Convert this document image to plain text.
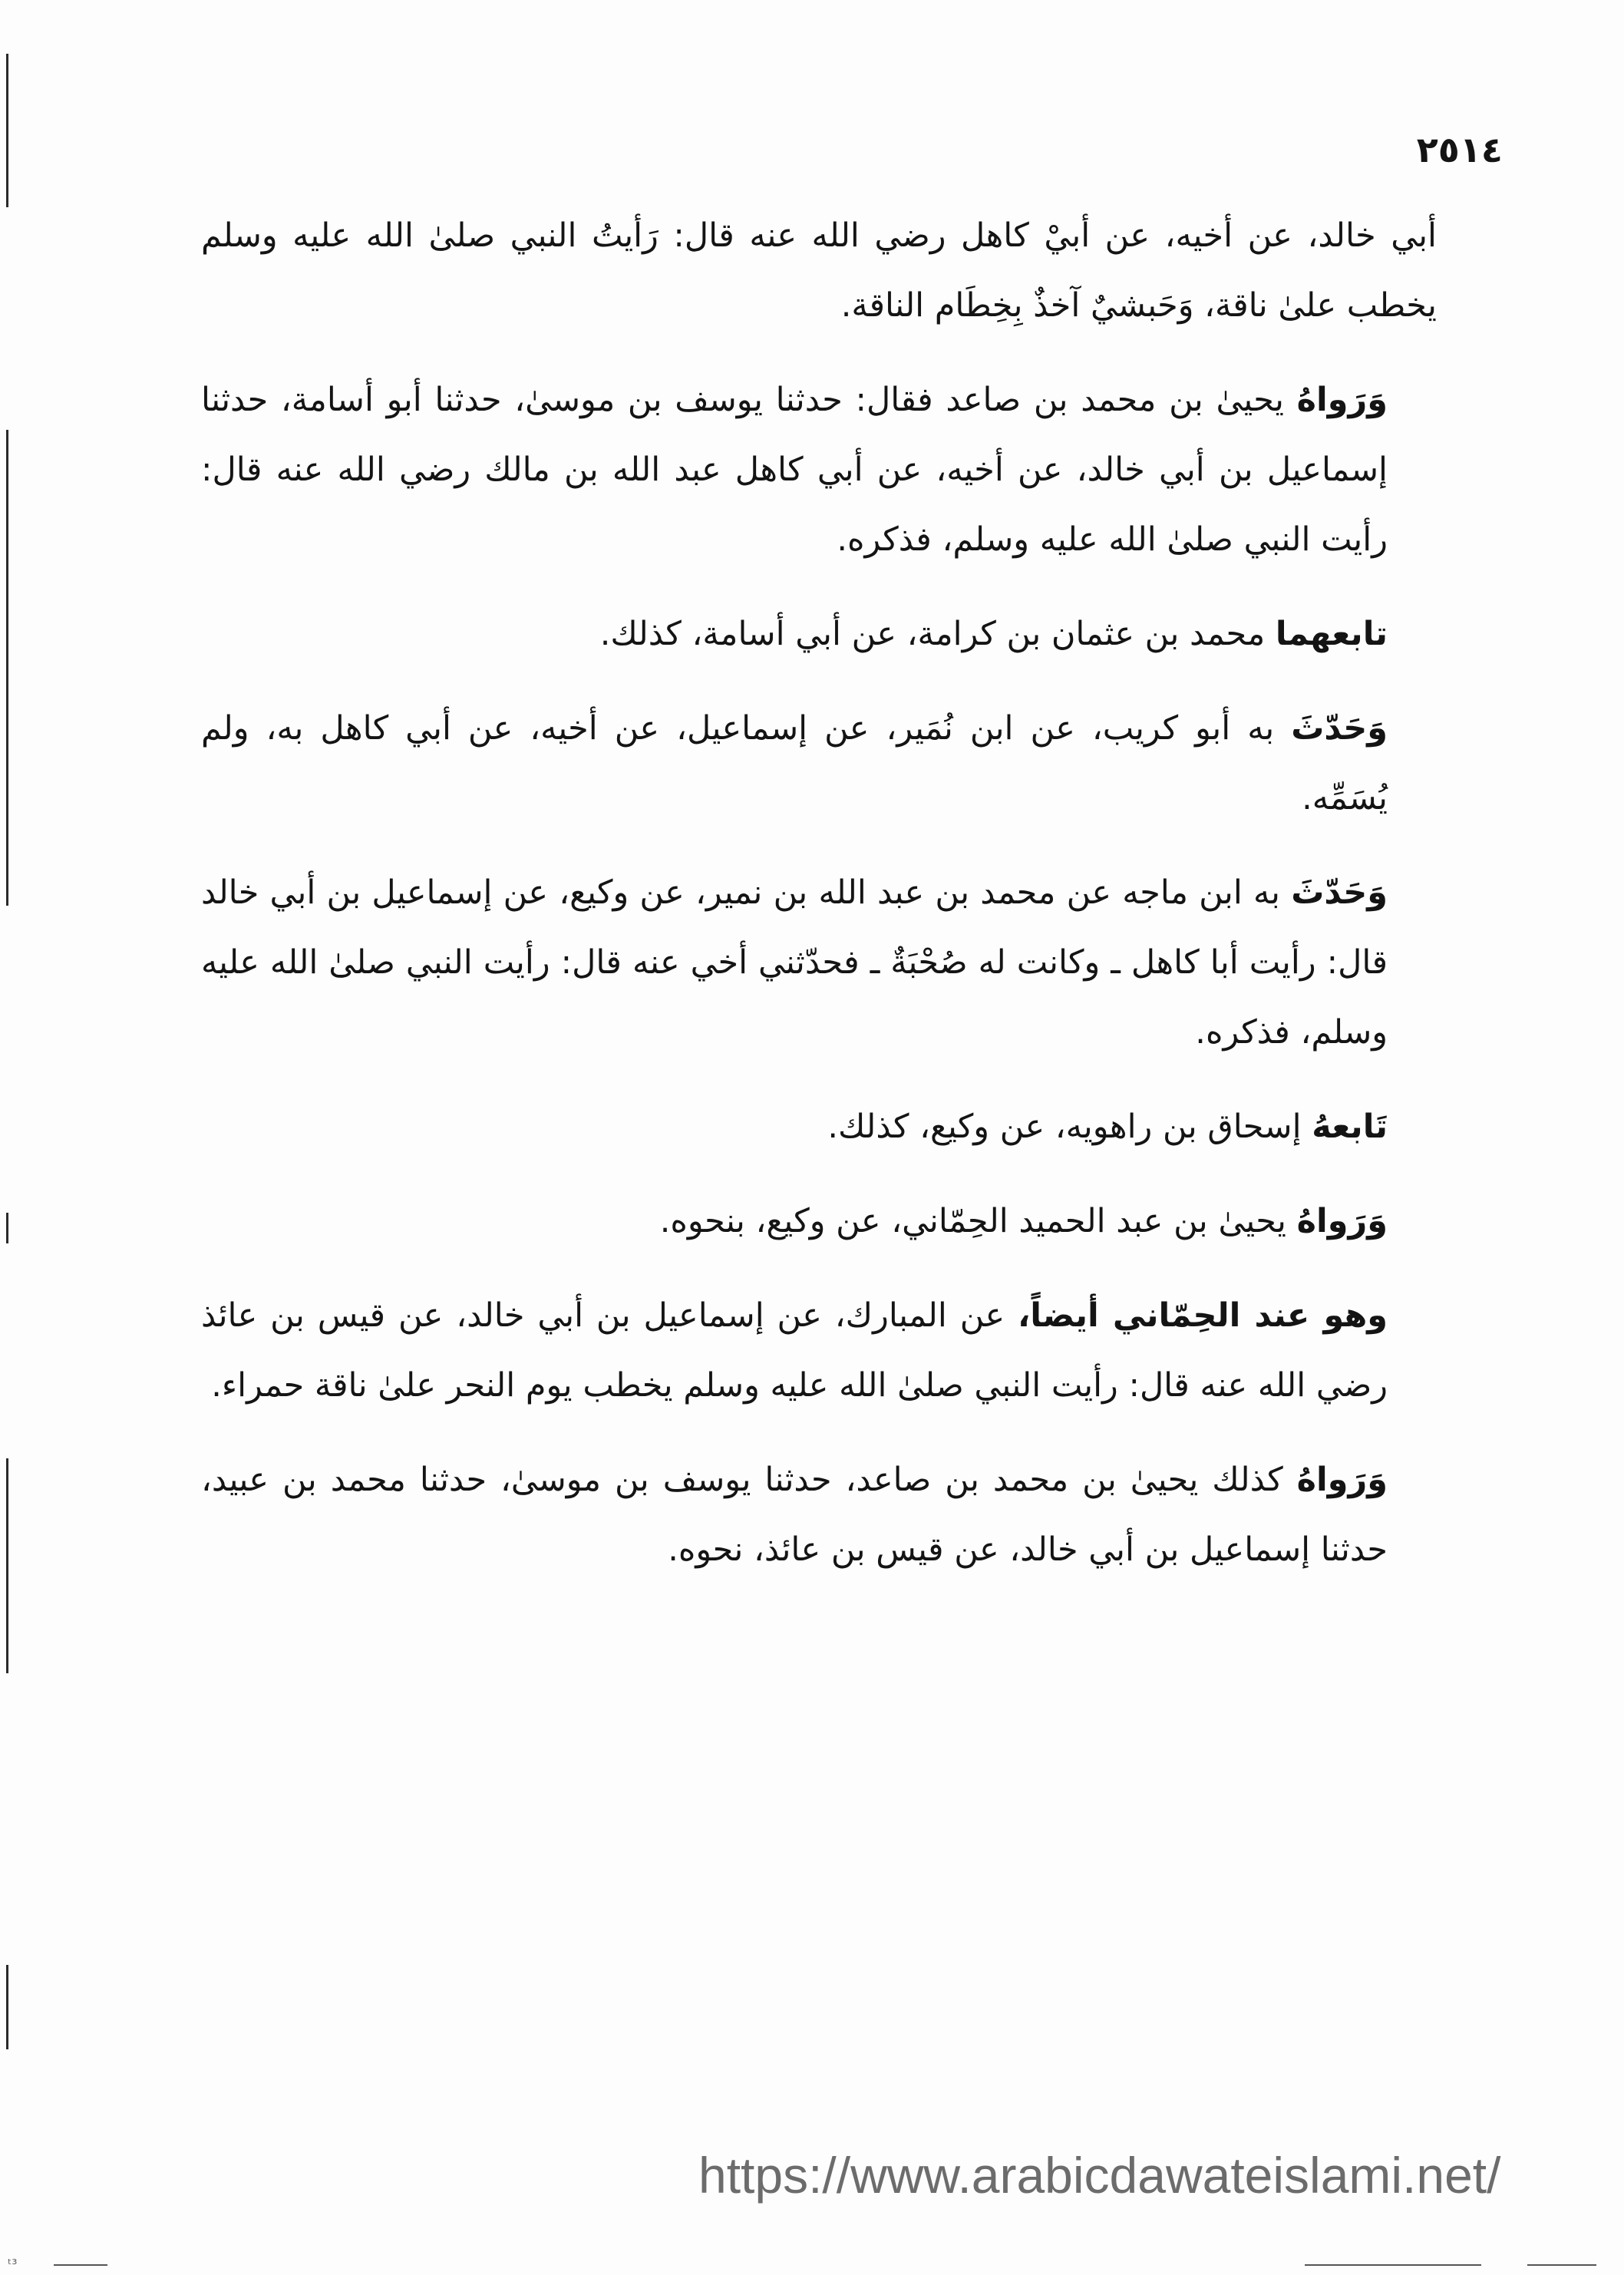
٢٥١٤

أبي خالد، عن أخيه، عن أبيْ كاهل رضي الله عنه قال: رَأيتُ النبي صلىٰ الله عليه وسلم يخطب علىٰ ناقة، وَحَبشيٌ آخذٌ بِخِطَام الناقة.

وَرَواهُ يحيىٰ بن محمد بن صاعد فقال: حدثنا يوسف بن موسىٰ، حدثنا أبو أسامة، حدثنا إسماعيل بن أبي خالد، عن أخيه، عن أبي كاهل عبد الله بن مالك رضي الله عنه قال: رأيت النبي صلىٰ الله عليه وسلم، فذكره.

تابعهما محمد بن عثمان بن كرامة، عن أبي أسامة، كذلك.

وَحَدّثَ به أبو كريب، عن ابن نُمَير، عن إسماعيل، عن أخيه، عن أبي كاهل به، ولم يُسَمِّه.

وَحَدّثَ به ابن ماجه عن محمد بن عبد الله بن نمير، عن وكيع، عن إسماعيل بن أبي خالد قال: رأيت أبا كاهل ـ وكانت له صُحْبَةٌ ـ فحدّثني أخي عنه قال: رأيت النبي صلىٰ الله عليه وسلم، فذكره.

تَابعهُ إسحاق بن راهويه، عن وكيع، كذلك.

وَرَواهُ يحيىٰ بن عبد الحميد الحِمّاني، عن وكيع، بنحوه.

وهو عند الحِمّاني أيضاً، عن المبارك، عن إسماعيل بن أبي خالد، عن قيس بن عائذ رضي الله عنه قال: رأيت النبي صلىٰ الله عليه وسلم يخطب يوم النحر علىٰ ناقة حمراء.

وَرَواهُ كذلك يحيىٰ بن محمد بن صاعد، حدثنا يوسف بن موسىٰ، حدثنا محمد بن عبيد، حدثنا إسماعيل بن أبي خالد، عن قيس بن عائذ، نحوه.

https://www.arabicdawateislami.net/
ᵗ³
